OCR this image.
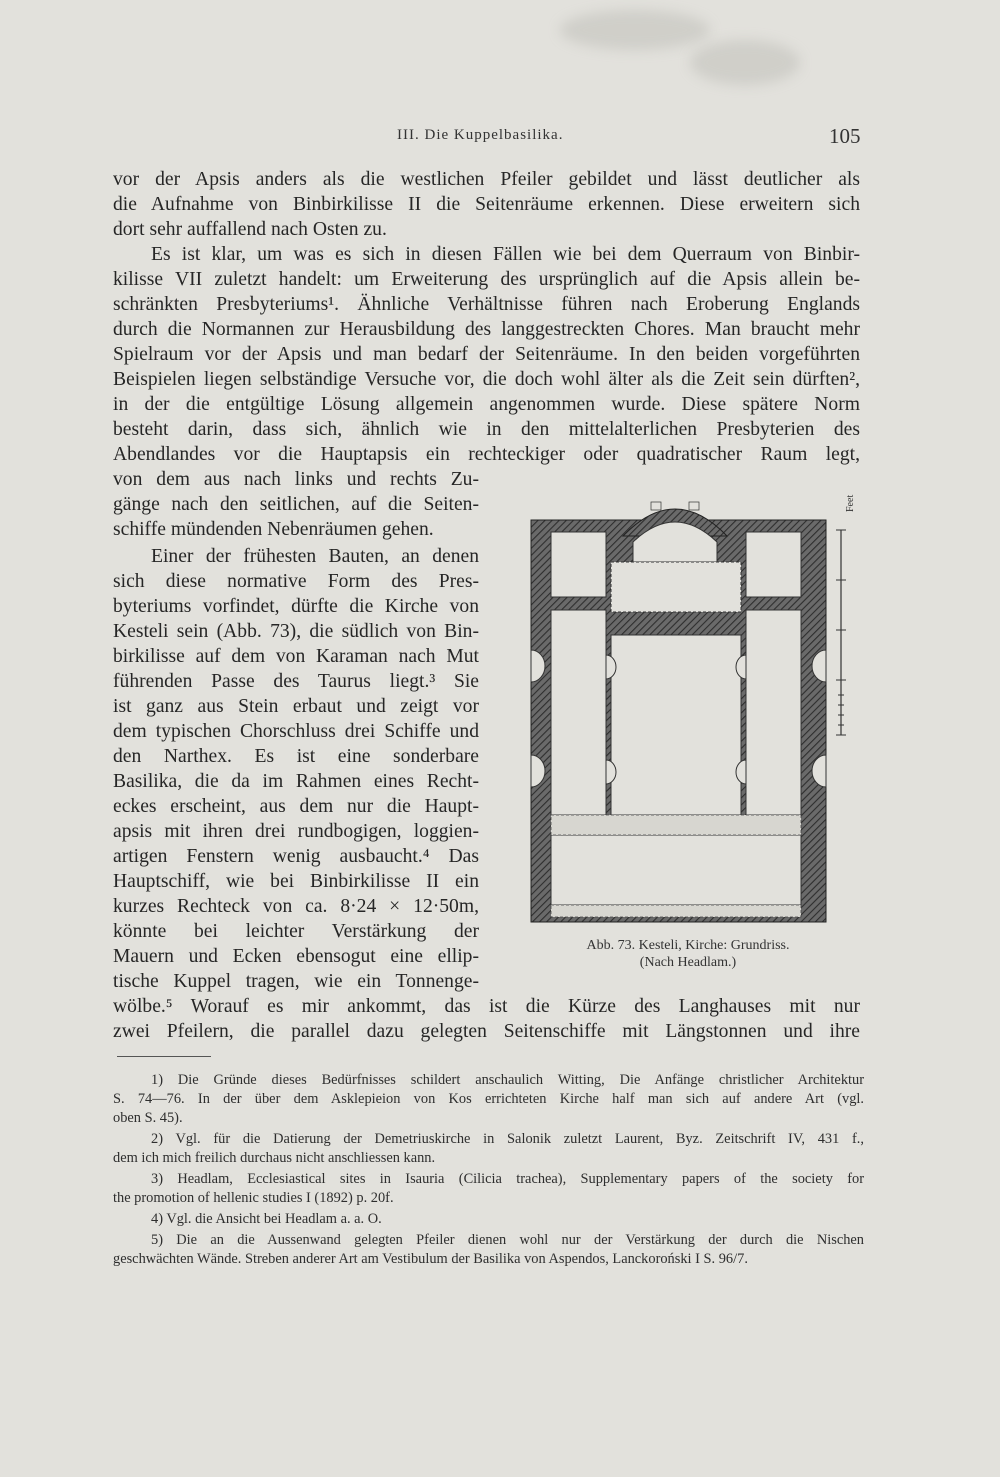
III. Die Kuppelbasilika.	105
vor der Apsis anders als die westlichen Pfeiler gebildet und lässt deutlicher als
die Aufnahme von Binbirkilisse II die Seitenräume erkennen. Diese erweitern sich
dort sehr auffallend nach Osten zu.
Es ist klar, um was es sich in diesen Fällen wie bei dem Querraum von Binbir-
kilisse VII zuletzt handelt: um Erweiterung des ursprünglich auf die Apsis allein be-
schränkten Presbyteriums¹. Ähnliche Verhältnisse führen nach Eroberung Englands
durch die Normannen zur Herausbildung des langgestreckten Chores. Man braucht mehr
Spielraum vor der Apsis und man bedarf der Seitenräume. In den beiden vorgeführten
Beispielen liegen selbständige Versuche vor, die doch wohl älter als die Zeit sein dürften²,
in der die entgültige Lösung allgemein angenommen wurde. Diese spätere Norm
besteht darin, dass sich, ähnlich wie in den mittelalterlichen Presbyterien des
Abendlandes vor die Hauptapsis ein rechteckiger oder quadratischer Raum legt,
von dem aus nach links und rechts Zu-
gänge nach den seitlichen, auf die Seiten-
schiffe mündenden Nebenräumen gehen.
Einer der frühesten Bauten, an denen
sich diese normative Form des Pres-
byteriums vorfindet, dürfte die Kirche von
Kesteli sein (Abb. 73), die südlich von Bin-
birkilisse auf dem von Karaman nach Mut
führenden Passe des Taurus liegt.³ Sie
ist ganz aus Stein erbaut und zeigt vor
dem typischen Chorschluss drei Schiffe und
den Narthex. Es ist eine sonderbare
Basilika, die da im Rahmen eines Recht-
eckes erscheint, aus dem nur die Haupt-
apsis mit ihren drei rundbogigen, loggien-
artigen Fenstern wenig ausbaucht.⁴ Das
Hauptschiff, wie bei Binbirkilisse II ein
kurzes Rechteck von ca. 8·24 × 12·50m,
könnte bei leichter Verstärkung der
Mauern und Ecken ebensogut eine ellip-
tische Kuppel tragen, wie ein Tonnenge-
wölbe.⁵ Worauf es mir ankommt, das ist die Kürze des Langhauses mit nur
zwei Pfeilern, die parallel dazu gelegten Seitenschiffe mit Längstonnen und ihre
Feet
Abb. 73. Kesteli, Kirche: Grundriss.
(Nach Headlam.)
1) Die Gründe dieses Bedürfnisses schildert anschaulich Witting, Die Anfänge christlicher Architektur
S. 74—76. In der über dem Asklepieion von Kos errichteten Kirche half man sich auf andere Art (vgl.
oben S. 45).
2) Vgl. für die Datierung der Demetriuskirche in Salonik zuletzt Laurent, Byz. Zeitschrift IV, 431 f.,
dem ich mich freilich durchaus nicht anschliessen kann.
3) Headlam, Ecclesiastical sites in Isauria (Cilicia trachea), Supplementary papers of the society for
the promotion of hellenic studies I (1892) p. 20f.
4) Vgl. die Ansicht bei Headlam a. a. O.
5) Die an die Aussenwand gelegten Pfeiler dienen wohl nur der Verstärkung der durch die Nischen
geschwächten Wände. Streben anderer Art am Vestibulum der Basilika von Aspendos, Lanckoroński I S. 96/7.
